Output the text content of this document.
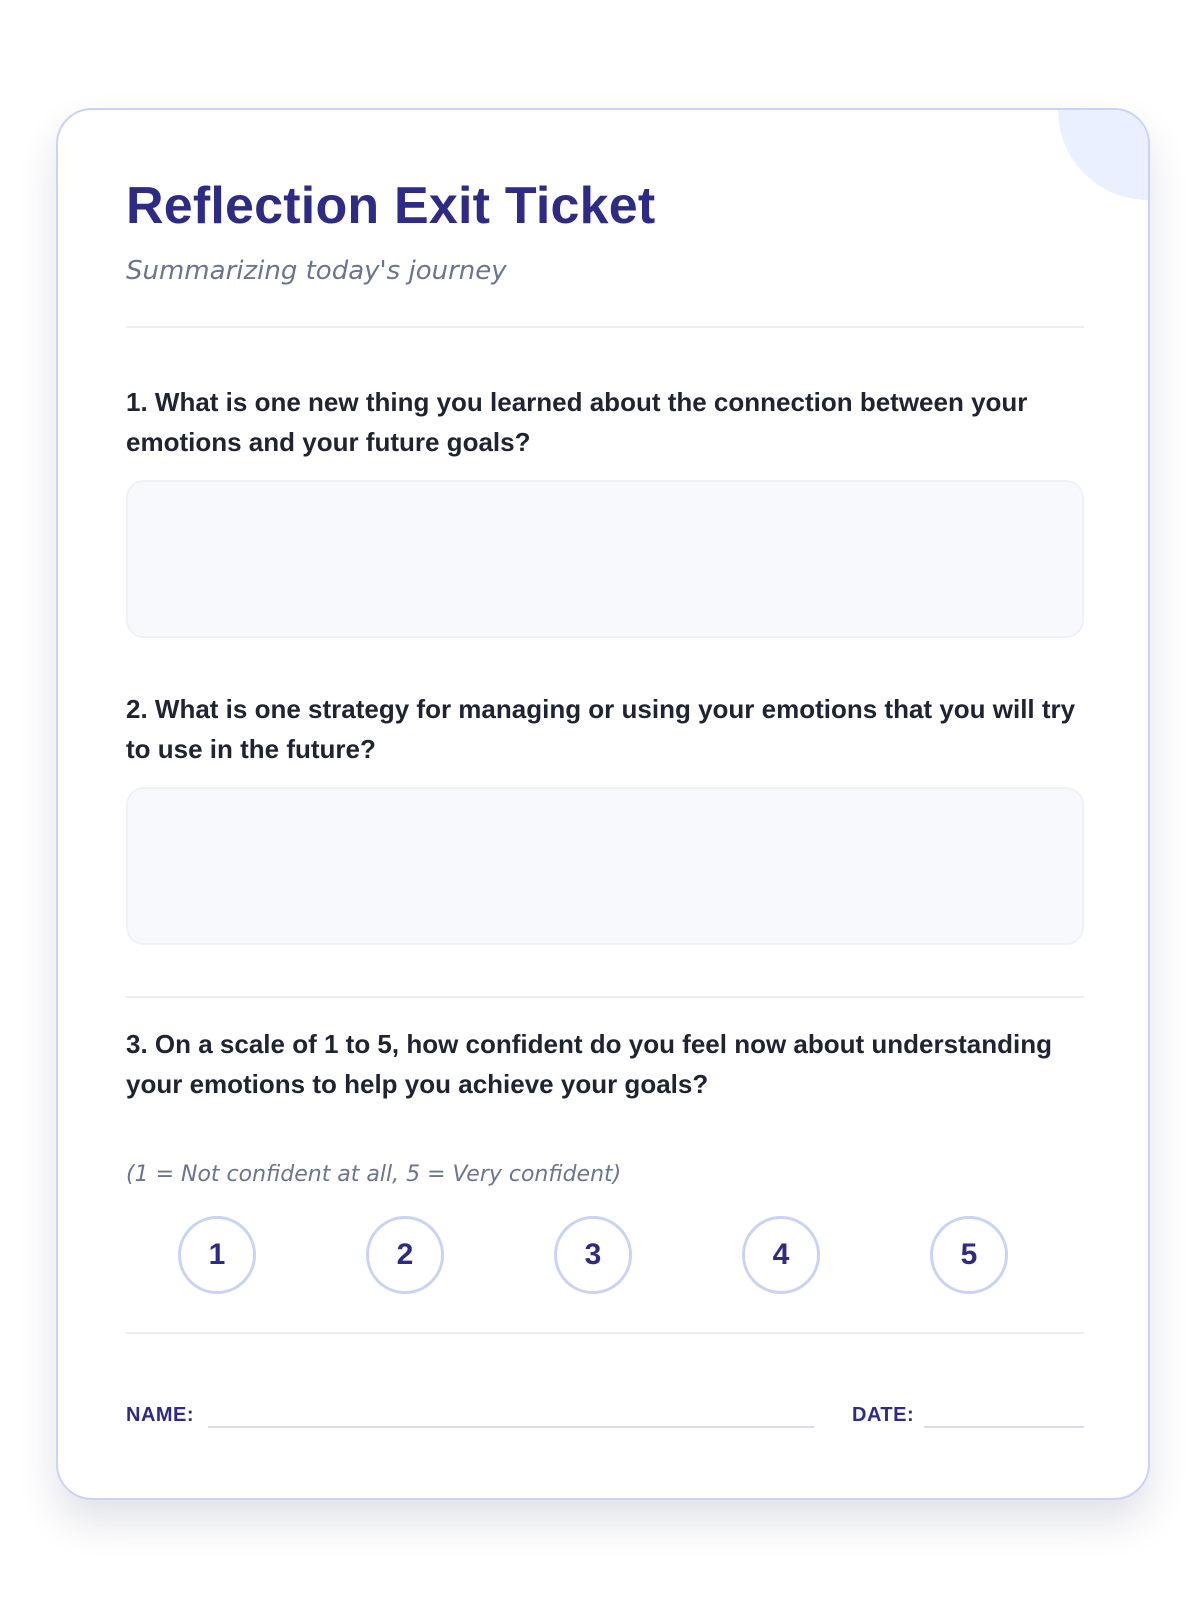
Reflection Exit Ticket
Summarizing today's journey
1. What is one new thing you learned about the connection between your emotions and your future goals?
2. What is one strategy for managing or using your emotions that you will try to use in the future?
3. On a scale of 1 to 5, how confident do you feel now about understanding your emotions to help you achieve your goals?
(1 = Not confident at all, 5 = Very confident)
1	2	3	4	5
NAME:	DATE:
